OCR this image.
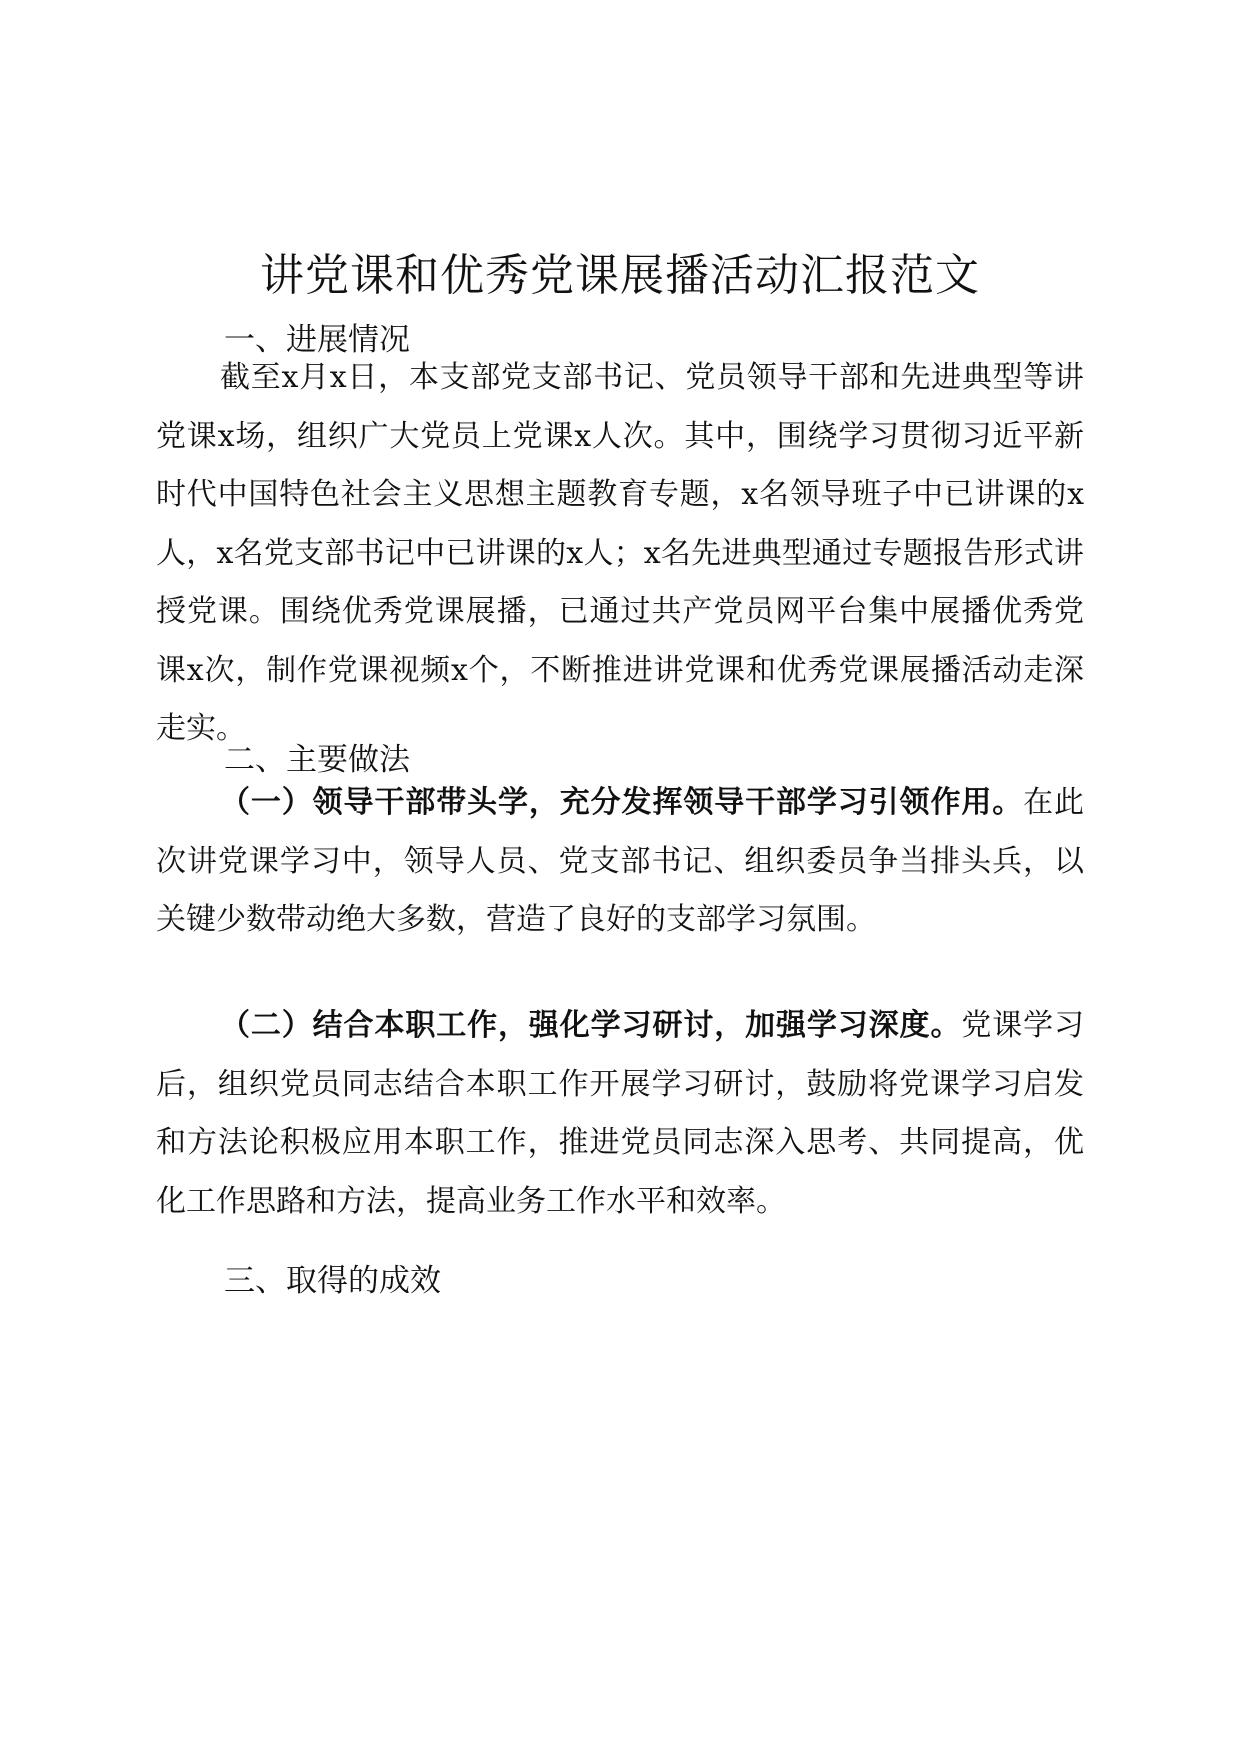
讲党课和优秀党课展播活动汇报范文
一、进展情况

截至x月x日，本支部党支部书记、党员领导干部和先进典型等讲党课x场，组织广大党员上党课x人次。其中，围绕学习贯彻习近平新时代中国特色社会主义思想主题教育专题，x名领导班子中已讲课的x人，x名党支部书记中已讲课的x人；x名先进典型通过专题报告形式讲授党课。围绕优秀党课展播，已通过共产党员网平台集中展播优秀党课x次，制作党课视频x个，不断推进讲党课和优秀党课展播活动走深走实。

二、主要做法

（一）领导干部带头学，充分发挥领导干部学习引领作用。在此次讲党课学习中，领导人员、党支部书记、组织委员争当排头兵，以关键少数带动绝大多数，营造了良好的支部学习氛围。

（二）结合本职工作，强化学习研讨，加强学习深度。党课学习后，组织党员同志结合本职工作开展学习研讨，鼓励将党课学习启发和方法论积极应用本职工作，推进党员同志深入思考、共同提高，优化工作思路和方法，提高业务工作水平和效率。

三、取得的成效
